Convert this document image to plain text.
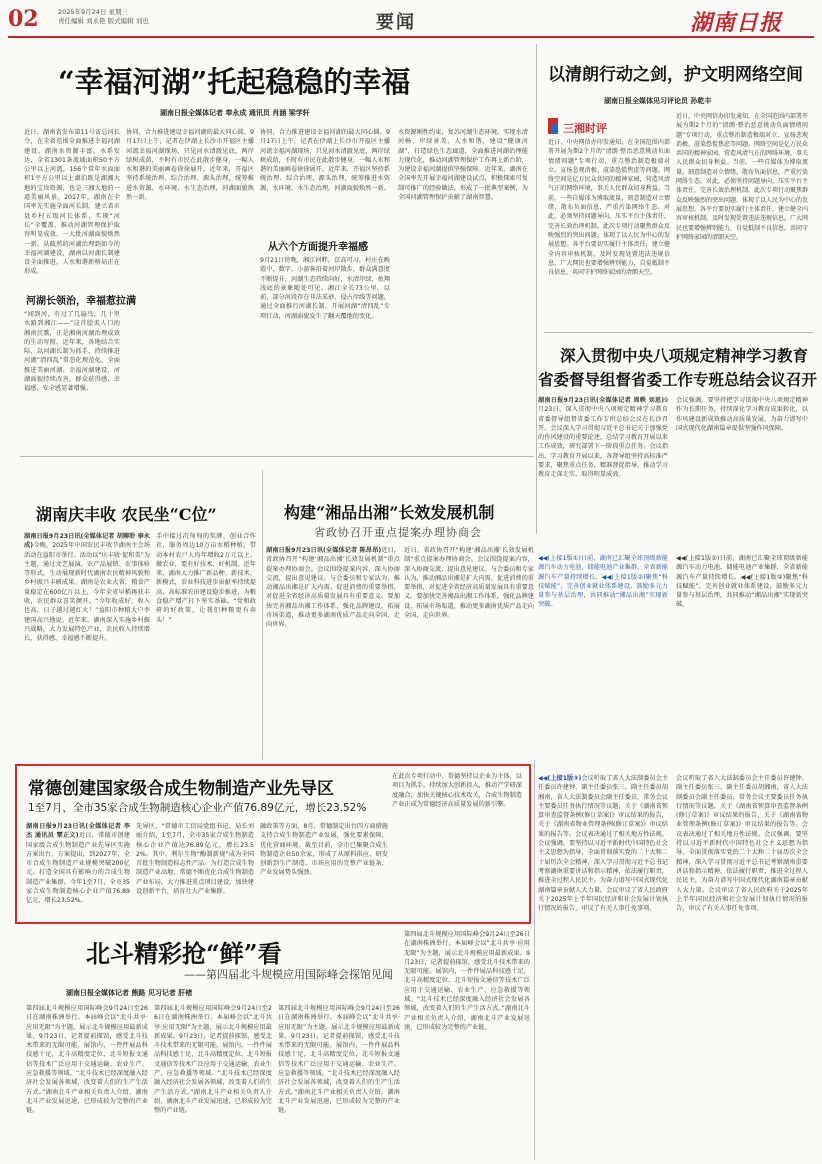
02	2025年9月24日 星期三
责任编辑 刘永艳 版式编辑 刘也	要闻	湖南日报
“幸福河湖”托起稳稳的幸福
湖南日报全媒体记者 奉永成 通讯员 肖涵 梁学轩
近日，湖南省发布第11号省总河长令，在全省范围全面推进幸福河湖建设。湖南水资源丰富，水系发达，全省1301条流域面积50平方公里以上河流，156个常年水面面积1平方公里以上湖泊既是湖湘大地的宝贵资源，也是三湘大地的一道美丽风景。2017年，湖南在全国率先实施全面河长制，建立省市县乡村五级河长体系，实现“河长”全覆盖，推动河湖管理保护取得明显成效，一大批河湖面貌焕然一新。从截然的河湖治理到如今的幸福河湖建设，湖南以河湖长制建设全面推进，人水和谐新格局正在形成。
河湖长领治，幸福惹拉满
“闻到河，有过了几遍鸟，几十里水路到湘江——”这首脍炙人口的湘南民歌，正是湘南河湖治理成效的生动写照。近年来，各地结合实际，以河湖长制为抓手，持续推进河湖“清四乱”常态化规范化，全面推进美丽河湖、幸福河湖建设，河湖面貌持续改善，群众获得感、幸福感、安全感显著增强。
协同，合力推进建设幸福河湖的最大同心圆。9月17日上午，记者在伊湖上长沙市开福区主播河流幸福河湖现场，只见河水清澈见底，两岸绿树成荫，不时有市民在此散步健身，一幅人水和谐的美丽画卷徐徐展开。近年来，开福区坚持系统治理、综合治理、源头治理，统筹推进水资源、水环境、水生态治理，河湖面貌焕然一新。
协同，合力推进建设幸福河湖的最大同心圆。9月17日上午，记者在伊湖上长沙市开福区主播河流幸福河湖现场，只见河水清澈见底，两岸绿树成荫，不时有市民在此散步健身，一幅人水和谐的美丽画卷徐徐展开。近年来，开福区坚持系统治理、综合治理、源头治理，统筹推进水资源、水环境、水生态治理，河湖面貌焕然一新。
从六个方面提升幸福感
9月21日傍晚，湘江河畔，京高可习，村庄在晚霞中，数字，小游客沿着河岸散步，群众满意度不断提升，河湖生态持续向好，水清岸绿、鱼翔浅底的景象随处可见。湘江全长73公里，以前，部分河段存在非法采砂、侵占岸线等问题，通过全面推行河湖长制，开展河湖“清四乱”专项行动，河湖面貌发生了翻天覆地的变化。
水资源刚性约束，复苏河湖生态环境，实现水清河畅、岸绿景美、人水和谐，建设“健康河湖”，打造绿色生态廊道，全面推进河湖治理能力现代化，推动河湖管理保护工作再上新台阶，为建设幸福河湖提供坚强保障。近年来，湖南在全国率先开展幸福河湖建设试点，积极探索可复制可推广的经验做法，形成了一批典型案例，为全国河湖管理保护贡献了湖南智慧。
以清朗行动之剑，护文明网络空间
湖南日报全媒体见习评论员 孙乾丰
三湘时评
近日，中央网信办印发通知，在全国范围内部署开展为期2个月的“清朗·整治恶意挑动负面情绪问题”专项行动，重点整治制造极端对立、宣扬悲观消极、渲染恐慌焦虑等问题。网络空间是亿万民众共同的精神家园，营造风清气正的网络环境，事关人民群众切身利益。当前，一些自媒体为博取流量，刻意制造对立情绪，散布负面信息，严重污染网络生态。对此，必须坚持问题导向，压实平台主体责任，完善长效治理机制。此次专项行动聚焦群众反映强烈的突出问题，体现了以人民为中心的发展思想。各平台要切实履行主体责任，建立健全内容审核机制，及时发现处置违法违规信息。广大网民也要增强辨别能力，自觉抵制不良信息，共同守护网络家园的清朗天空。
近日，中央网信办印发通知，在全国范围内部署开展为期2个月的“清朗·整治恶意挑动负面情绪问题”专项行动，重点整治制造极端对立、宣扬悲观消极、渲染恐慌焦虑等问题。网络空间是亿万民众共同的精神家园，营造风清气正的网络环境，事关人民群众切身利益。当前，一些自媒体为博取流量，刻意制造对立情绪，散布负面信息，严重污染网络生态。对此，必须坚持问题导向，压实平台主体责任，完善长效治理机制。此次专项行动聚焦群众反映强烈的突出问题，体现了以人民为中心的发展思想。各平台要切实履行主体责任，建立健全内容审核机制，及时发现处置违法违规信息。广大网民也要增强辨别能力，自觉抵制不良信息，共同守护网络家园的清朗天空。
深入贯彻中央八项规定精神学习教育
省委督导组督省委工作专班总结会议召开
湖南日报9月23日讯(全媒体记者 周帙 刘思)9月23日，深入贯彻中央八项规定精神学习教育省委督导组督省委工作专班总结会议在长沙召开。会议深入学习贯彻习近平总书记关于加强党的作风建设的重要论述，总结学习教育开展以来工作成效，研究部署下一阶段重点任务。会议指出，学习教育开展以来，各督导组坚持高标准严要求，聚焦重点任务，精准督促指导，推动学习教育走深走实、取得明显成效。
会议强调，要坚持把学习贯彻中央八项规定精神作为长期任务，持续深化学习教育成果转化，以作风建设新成效推动高质量发展，为奋力谱写中国式现代化湖南篇章提供坚强作风保障。
湖南庆丰收 农民坐“C位”
湖南日报9月23日讯(全媒体记者 胡聊聆 奉永成)今晚，2025年中国农民丰收节湖南主会场活动在益阳市举行。活动以“庆丰收·促和美”为主题，通过文艺展演、农产品展销、农事体验等形式，生动展现新时代湖南农民精神风貌和乡村振兴丰硕成果。湖南是农业大省，粮食产量稳定在600亿斤以上，今年全省早稻再获丰收，农民群众喜笑颜开。“今年收成好，收入也高，日子越过越红火！”益阳市种粮大户李建国高兴地说。近年来，湖南深入实施乡村振兴战略，大力发展特色产业，农民收入持续增长，获得感、幸福感不断提升。
手中接过沉甸甸的奖牌，创业合作社，服务周边10万亩水稻种植，带动本村农户人均年增收2万元以上。做农业，要有好技术、好机制。近年来，湖南大力推广新品种、新技术、新模式，农业科技进步贡献率持续提高，高标准农田建设稳步推进，为粮食稳产增产打下坚实基础。“党和政府的好政策，让我们种粮更有奔头！”
构建“湘品出湘”长效发展机制
省政协召开重点提案办理协商会
湖南日报9月23日讯(全媒体记者 陈昂昂)近日，省政协召开“构建‘湘品出湘’长效发展机制”重点提案办理协商会。会议围绕提案内容，深入协商交流，提出意见建议。与会委员和专家认为，推动湘品出湘是扩大内需、促进消费的重要举措，对促进全省经济高质量发展具有重要意义。要加快完善湘品出湘工作体系，强化品牌建设，拓展市场渠道，推动更多湖南优质产品走向全国、走向世界。
近日，省政协召开“构建‘湘品出湘’长效发展机制”重点提案办理协商会。会议围绕提案内容，深入协商交流，提出意见建议。与会委员和专家认为，推动湘品出湘是扩大内需、促进消费的重要举措，对促进全省经济高质量发展具有重要意义。要加快完善湘品出湘工作体系，强化品牌建设，拓展市场渠道，推动更多湖南优质产品走向全国、走向世界。
◀◀(上接1版①)日前，湖南已汇聚全球顶级新能源汽车动力电池、储能电池产业集群，全省新能源汽车产量持续增长。◀◀(上接1版②)聚焦“科技赋能”，完善创业就业体系建设，鼓励多元力量参与基层治理，共同推动“湘品出湘”实现新突破。
◀◀(上接1版①)日前，湖南已汇聚全球顶级新能源汽车动力电池、储能电池产业集群，全省新能源汽车产量持续增长。◀◀(上接1版②)聚焦“科技赋能”，完善创业就业体系建设，鼓励多元力量参与基层治理，共同推动“湘品出湘”实现新突破。
常德创建国家级合成生物制造产业先导区
1至7月，全市35家合成生物制造核心企业产值76.89亿元，增长23.52%
湖南日报9月23日讯(全媒体记者 李杰 通讯员 覃正义)近日，常德市创建国家级合成生物制造产业先导区实施方案出台。方案提出，到2027年，全市合成生物制造产业规模突破200亿元，打造全国具有影响力的合成生物制造产业集群。今年1至7月，全市35家合成生物制造核心企业产值76.89亿元，增长23.52%。
先导区，“常德市工信局党组书记、局长刘丽介绍，1至7月，全市35家合成生物制造核心企业产值达76.89亿元，增长23.52%。其中，利尔生物“酶制新规”成为全国首批生物制造标志性产品。为打造合成生物制造产业高地，常德不断优化合成生物制造产业布局，大力推进重点项目建设，加快建设创新平台，培育壮大产业集群。
融政策等方面，8月，常德制定出台四方面措施支持合成生物制造产业发展，强化要素保障，优化营商环境。截至目前，全市已集聚合成生物制造企业50余家，形成了从原料供应、研发创新到生产制造、市场应用的完整产业链条，产业发展势头强劲。
在此次专项行动中，常德坚持以企业为主体，以项目为抓手，持续加大创新投入，推动产学研深度融合，加快关键核心技术攻关，合成生物制造产业正成为常德经济高质量发展的新引擎。
北斗精彩抢“鲜”看
——第四届北斗规模应用国际峰会探馆见闻
湖南日报全媒体记者 熊路 见习记者 肝楮
第四届北斗规模应用国际峰会9月24日至26日在湖南株洲举行。本届峰会以“北斗共享·应用无限”为主题，展示北斗规模应用最新成果。9月23日，记者提前探馆，感受北斗技术带来的无限可能。展馆内，一件件展品科技感十足，北斗高精度定位、北斗短报文通信等技术广泛应用于交通运输、农业生产、应急救援等领域。“北斗技术已经深度融入经济社会发展各领域，改变着人们的生产生活方式。”湖南北斗产业相关负责人介绍，湖南北斗产业发展迅速，已形成较为完整的产业链。
第四届北斗规模应用国际峰会9月24日至26日在湖南株洲举行。本届峰会以“北斗共享·应用无限”为主题，展示北斗规模应用最新成果。9月23日，记者提前探馆，感受北斗技术带来的无限可能。展馆内，一件件展品科技感十足，北斗高精度定位、北斗短报文通信等技术广泛应用于交通运输、农业生产、应急救援等领域。“北斗技术已经深度融入经济社会发展各领域，改变着人们的生产生活方式。”湖南北斗产业相关负责人介绍，湖南北斗产业发展迅速，已形成较为完整的产业链。
第四届北斗规模应用国际峰会9月24日至26日在湖南株洲举行。本届峰会以“北斗共享·应用无限”为主题，展示北斗规模应用最新成果。9月23日，记者提前探馆，感受北斗技术带来的无限可能。展馆内，一件件展品科技感十足，北斗高精度定位、北斗短报文通信等技术广泛应用于交通运输、农业生产、应急救援等领域。“北斗技术已经深度融入经济社会发展各领域，改变着人们的生产生活方式。”湖南北斗产业相关负责人介绍，湖南北斗产业发展迅速，已形成较为完整的产业链。
第四届北斗规模应用国际峰会9月24日至26日在湖南株洲举行。本届峰会以“北斗共享·应用无限”为主题，展示北斗规模应用最新成果。9月23日，记者提前探馆，感受北斗技术带来的无限可能。展馆内，一件件展品科技感十足，北斗高精度定位、北斗短报文通信等技术广泛应用于交通运输、农业生产、应急救援等领域。“北斗技术已经深度融入经济社会发展各领域，改变着人们的生产生活方式。”湖南北斗产业相关负责人介绍，湖南北斗产业发展迅速，已形成较为完整的产业链。
◀◀(上接1版③)会议听取了省人大法制委员会主任委员许建钟、副主任委员张三、副主任委员胡湘南，省人大法制委员会副主任委员、常务会议主要委员任务执行情况等议题，关于《湖南省预算审查监督条例(修订草案)》审议结果的报告，关于《湖南省物业管理条例(修订草案)》审议结果的报告等。会议表决通过了相关地方性法规。会议强调，要坚持以习近平新时代中国特色社会主义思想为指导，全面贯彻落实党的二十大和二十届历次全会精神，深入学习贯彻习近平总书记考察湖南重要讲话和指示精神，依法履行职责，推进全过程人民民主，为奋力谱写中国式现代化湖南篇章贡献人大力量。会议审议了省人民政府关于2025年上半年国民经济和社会发展计划执行情况的报告，审议了有关人事任免事项。
会议听取了省人大法制委员会主任委员许建钟、副主任委员张三、副主任委员胡湘南，省人大法制委员会副主任委员、常务会议主要委员任务执行情况等议题，关于《湖南省预算审查监督条例(修订草案)》审议结果的报告，关于《湖南省物业管理条例(修订草案)》审议结果的报告等。会议表决通过了相关地方性法规。会议强调，要坚持以习近平新时代中国特色社会主义思想为指导，全面贯彻落实党的二十大和二十届历次全会精神，深入学习贯彻习近平总书记考察湖南重要讲话和指示精神，依法履行职责，推进全过程人民民主，为奋力谱写中国式现代化湖南篇章贡献人大力量。会议审议了省人民政府关于2025年上半年国民经济和社会发展计划执行情况的报告，审议了有关人事任免事项。
